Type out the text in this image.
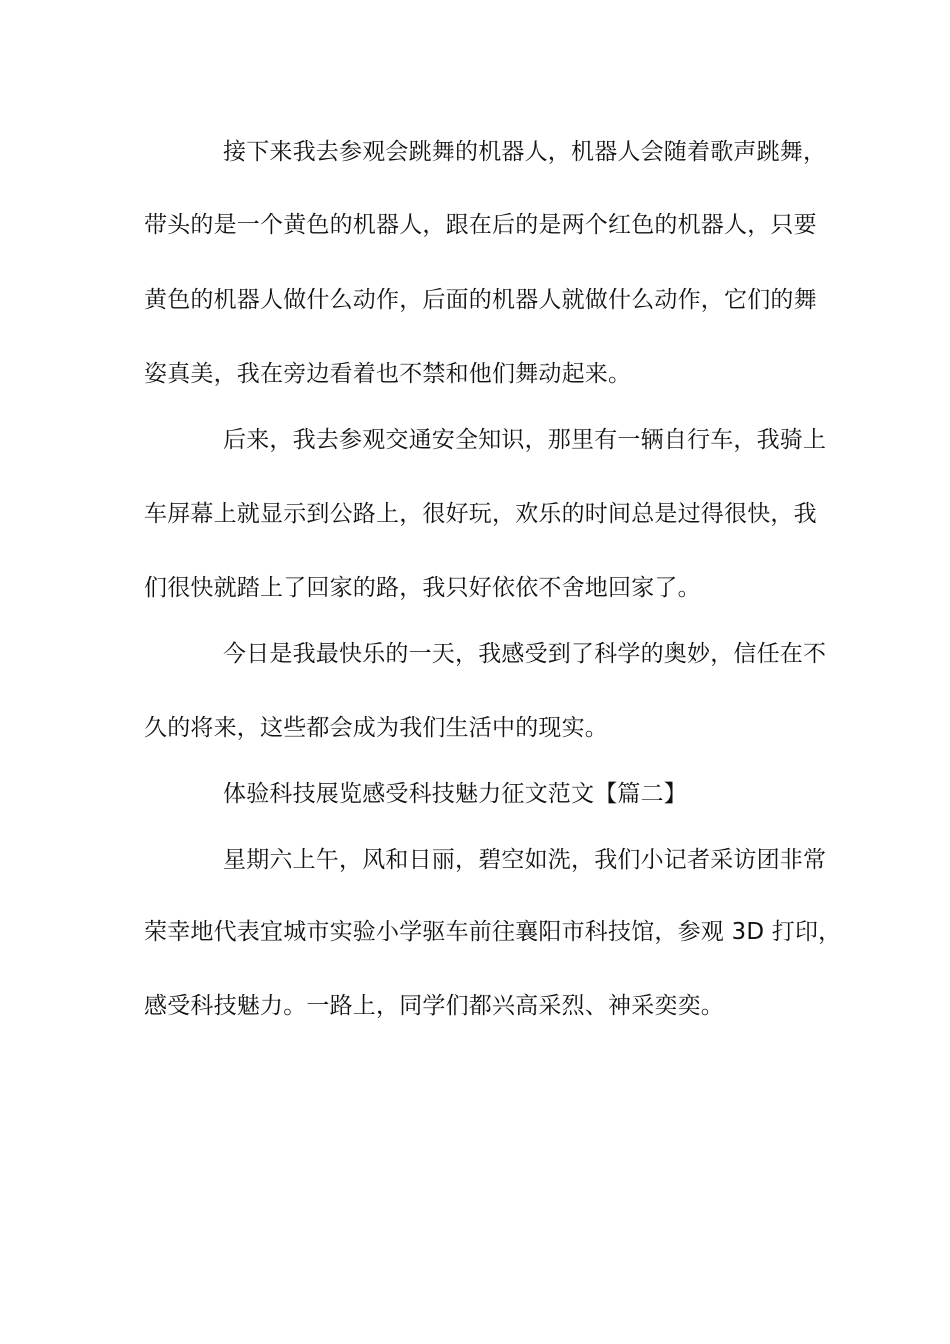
接下来我去参观会跳舞的机器人，机器人会随着歌声跳舞，
带头的是一个黄色的机器人，跟在后的是两个红色的机器人，只要
黄色的机器人做什么动作，后面的机器人就做什么动作，它们的舞
姿真美，我在旁边看着也不禁和他们舞动起来。
后来，我去参观交通安全知识，那里有一辆自行车，我骑上
车屏幕上就显示到公路上，很好玩，欢乐的时间总是过得很快，我
们很快就踏上了回家的路，我只好依依不舍地回家了。
今日是我最快乐的一天，我感受到了科学的奥妙，信任在不
久的将来，这些都会成为我们生活中的现实。
体验科技展览感受科技魅力征文范文【篇二】
星期六上午，风和日丽，碧空如洗，我们小记者采访团非常
荣幸地代表宜城市实验小学驱车前往襄阳市科技馆，参观 3D 打印，
感受科技魅力。一路上，同学们都兴高采烈、神采奕奕。
